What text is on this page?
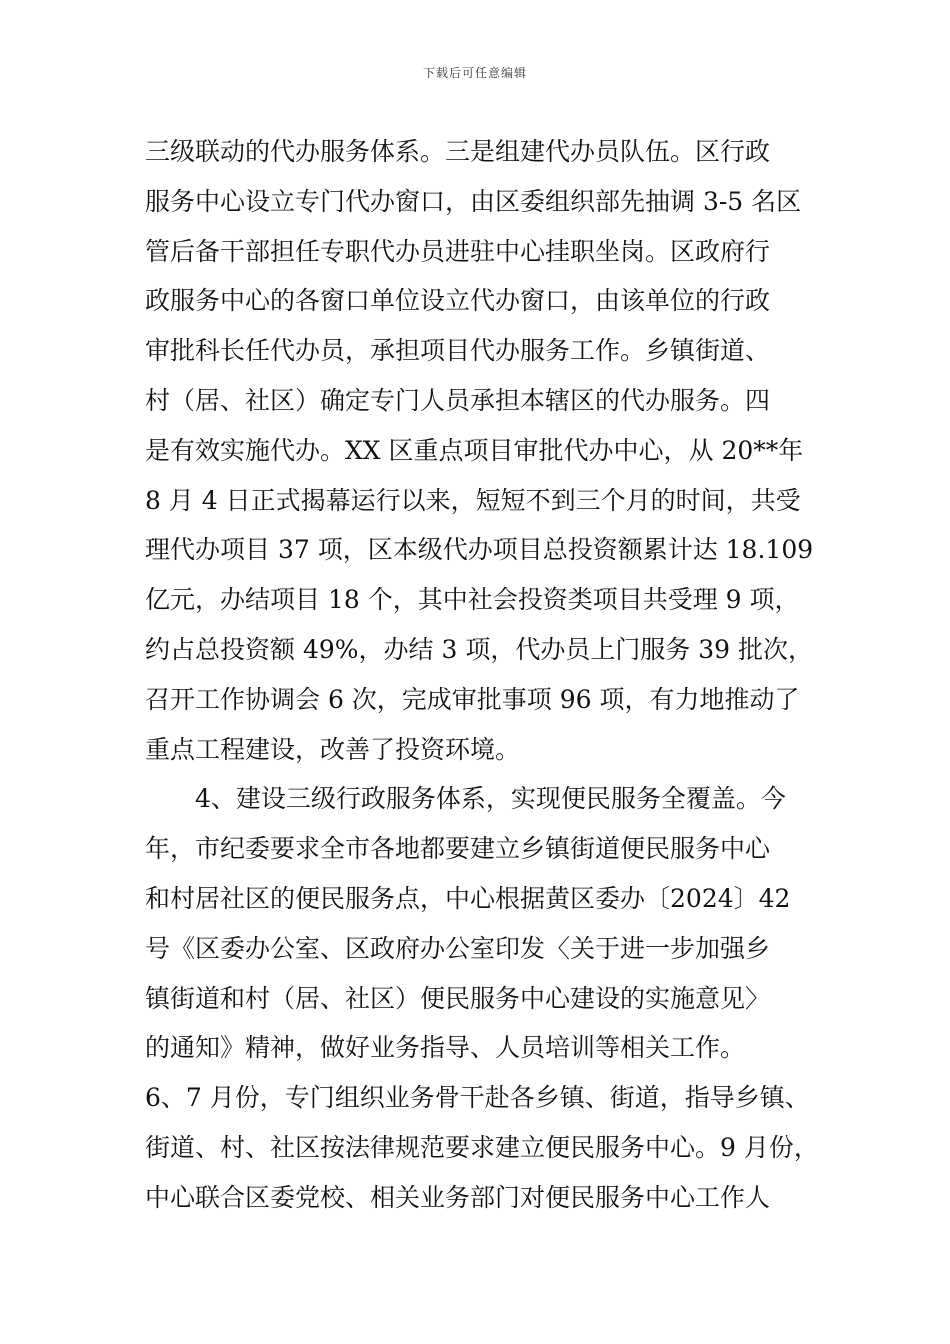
下载后可任意编辑
三级联动的代办服务体系。三是组建代办员队伍。区行政
服务中心设立专门代办窗口，由区委组织部先抽调 3-5 名区
管后备干部担任专职代办员进驻中心挂职坐岗。区政府行
政服务中心的各窗口单位设立代办窗口，由该单位的行政
审批科长任代办员，承担项目代办服务工作。乡镇街道、
村（居、社区）确定专门人员承担本辖区的代办服务。四
是有效实施代办。XX 区重点项目审批代办中心，从 20**年
8 月 4 日正式揭幕运行以来，短短不到三个月的时间，共受
理代办项目 37 项，区本级代办项目总投资额累计达 18.109
亿元，办结项目 18 个，其中社会投资类项目共受理 9 项，
约占总投资额 49%，办结 3 项，代办员上门服务 39 批次，
召开工作协调会 6 次，完成审批事项 96 项，有力地推动了
重点工程建设，改善了投资环境。
4、建设三级行政服务体系，实现便民服务全覆盖。今
年，市纪委要求全市各地都要建立乡镇街道便民服务中心
和村居社区的便民服务点，中心根据黄区委办〔2024〕42
号《区委办公室、区政府办公室印发〈关于进一步加强乡
镇街道和村（居、社区）便民服务中心建设的实施意见〉
的通知》精神，做好业务指导、人员培训等相关工作。
6、7 月份，专门组织业务骨干赴各乡镇、街道，指导乡镇、
街道、村、社区按法律规范要求建立便民服务中心。9 月份，
中心联合区委党校、相关业务部门对便民服务中心工作人
